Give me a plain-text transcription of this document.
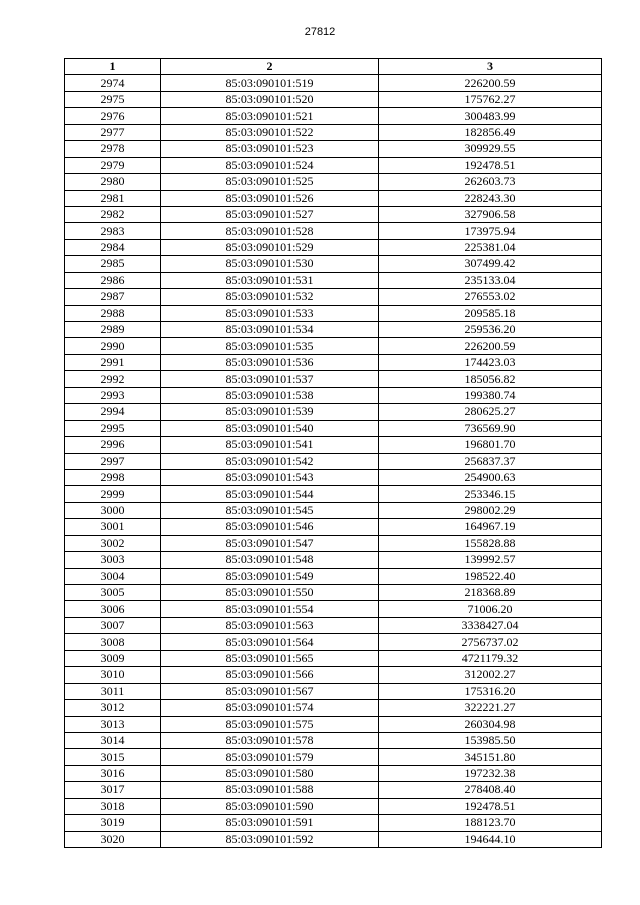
27812
1	2	3
2974	85:03:090101:519	226200.59
2975	85:03:090101:520	175762.27
2976	85:03:090101:521	300483.99
2977	85:03:090101:522	182856.49
2978	85:03:090101:523	309929.55
2979	85:03:090101:524	192478.51
2980	85:03:090101:525	262603.73
2981	85:03:090101:526	228243.30
2982	85:03:090101:527	327906.58
2983	85:03:090101:528	173975.94
2984	85:03:090101:529	225381.04
2985	85:03:090101:530	307499.42
2986	85:03:090101:531	235133.04
2987	85:03:090101:532	276553.02
2988	85:03:090101:533	209585.18
2989	85:03:090101:534	259536.20
2990	85:03:090101:535	226200.59
2991	85:03:090101:536	174423.03
2992	85:03:090101:537	185056.82
2993	85:03:090101:538	199380.74
2994	85:03:090101:539	280625.27
2995	85:03:090101:540	736569.90
2996	85:03:090101:541	196801.70
2997	85:03:090101:542	256837.37
2998	85:03:090101:543	254900.63
2999	85:03:090101:544	253346.15
3000	85:03:090101:545	298002.29
3001	85:03:090101:546	164967.19
3002	85:03:090101:547	155828.88
3003	85:03:090101:548	139992.57
3004	85:03:090101:549	198522.40
3005	85:03:090101:550	218368.89
3006	85:03:090101:554	71006.20
3007	85:03:090101:563	3338427.04
3008	85:03:090101:564	2756737.02
3009	85:03:090101:565	4721179.32
3010	85:03:090101:566	312002.27
3011	85:03:090101:567	175316.20
3012	85:03:090101:574	322221.27
3013	85:03:090101:575	260304.98
3014	85:03:090101:578	153985.50
3015	85:03:090101:579	345151.80
3016	85:03:090101:580	197232.38
3017	85:03:090101:588	278408.40
3018	85:03:090101:590	192478.51
3019	85:03:090101:591	188123.70
3020	85:03:090101:592	194644.10
